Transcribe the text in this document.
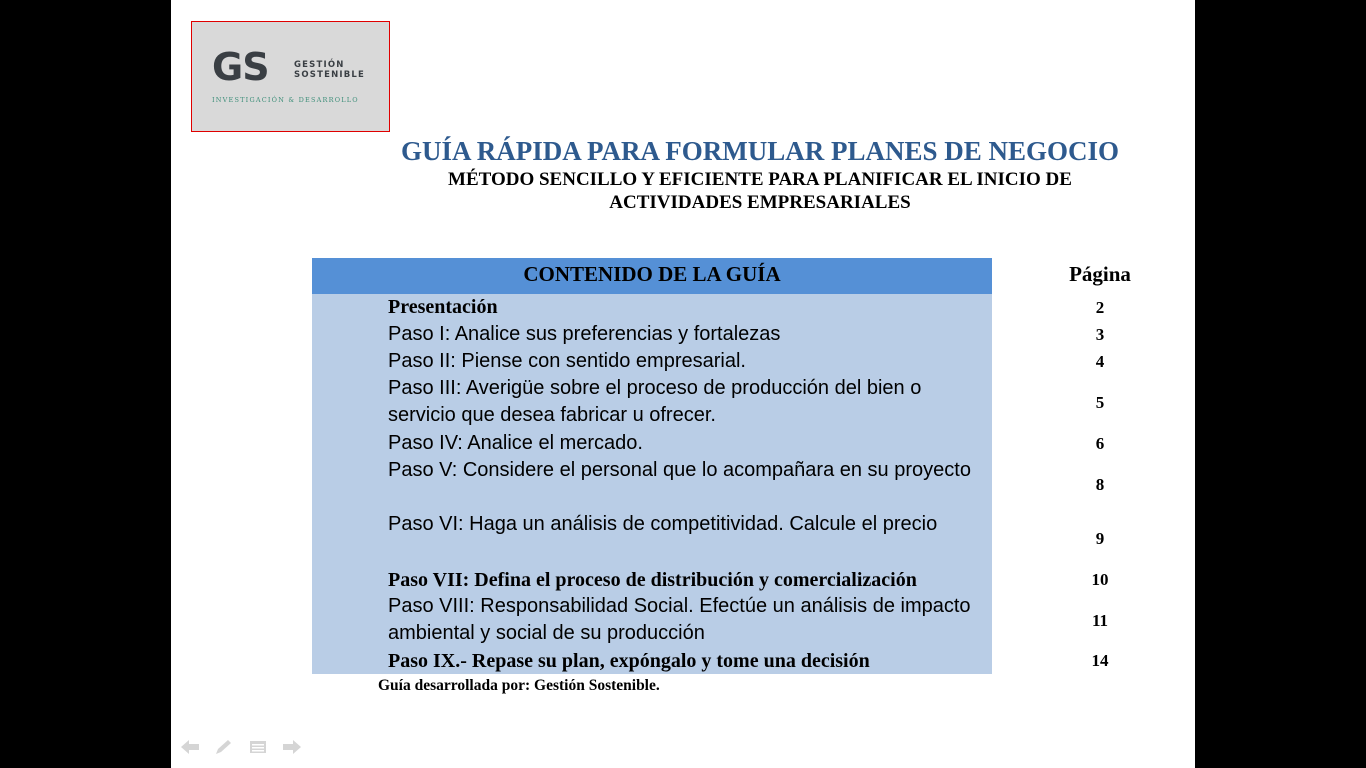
GS	GESTIÓN SOSTENIBLE
INVESTIGACIÓN & DESARROLLO
GUÍA RÁPIDA PARA FORMULAR PLANES DE NEGOCIO
MÉTODO SENCILLO Y EFICIENTE PARA PLANIFICAR EL INICIO DE ACTIVIDADES EMPRESARIALES
CONTENIDO DE LA GUÍA
Presentación
Paso I: Analice sus preferencias y fortalezas
Paso II: Piense con sentido empresarial.
Paso III: Averigüe sobre el proceso de producción del bien o servicio que desea fabricar u ofrecer.
Paso IV: Analice el mercado.
Paso V: Considere el personal que lo acompañara en su proyecto
Paso VI: Haga un análisis de competitividad. Calcule el precio
Paso VII: Defina el proceso de distribución y comercialización
Paso VIII: Responsabilidad Social. Efectúe un análisis de impacto ambiental y social de su producción
Paso IX.- Repase su plan, expóngalo y tome una decisión
Página
2
3
4
5
6
8
9
10
11
14
Guía desarrollada por: Gestión Sostenible.
